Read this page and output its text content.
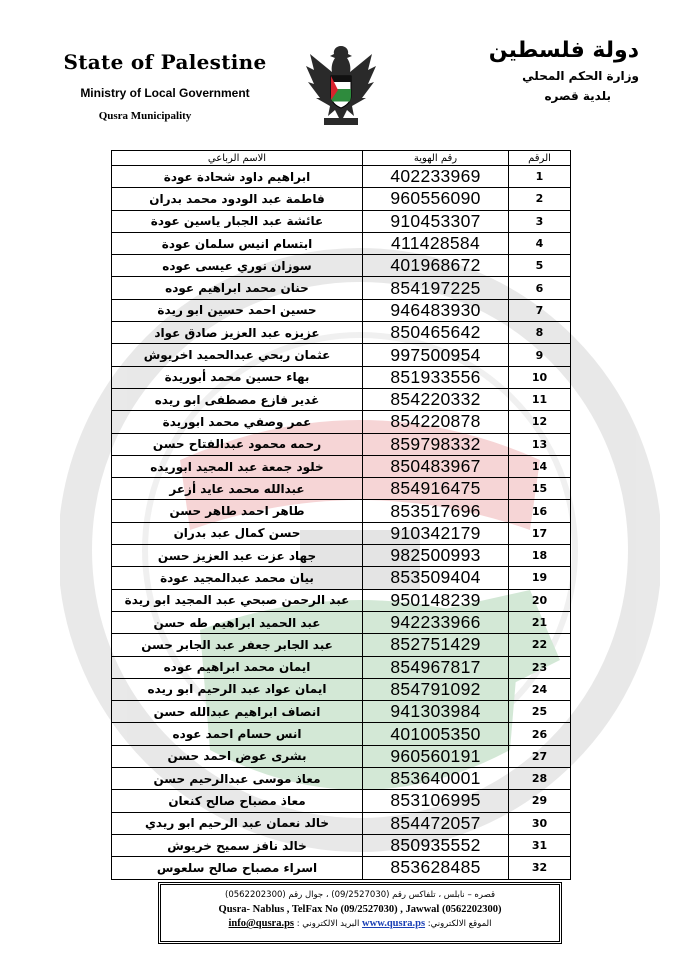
State of Palestine
Ministry of Local Government
Qusra Municipality
دولة فلسطين
وزارة الحكم المحلي
بلدية قصره
الرقم	رقم الهوية	الاسم الرباعي
1	402233969	ابراهيم داود شحادة عودة
2	960556090	فاطمة عبد الودود محمد بدران
3	910453307	عائشة عبد الجبار ياسين عودة
4	411428584	ابتسام انيس سلمان عودة
5	401968672	سوزان نوري عيسى عوده
6	854197225	حنان محمد ابراهيم عوده
7	946483930	حسين احمد حسين ابو ريدة
8	850465642	عزيزه عبد العزيز صادق عواد
9	997500954	عثمان ربحي عبدالحميد اخريوش
10	851933556	بهاء حسين محمد أبوريدة
11	854220332	غدير فازع مصطفى ابو ريده
12	854220878	عمر وصفي محمد ابوريدة
13	859798332	رحمه محمود عبدالفتاح حسن
14	850483967	خلود جمعة عبد المجيد ابوريده
15	854916475	عبدالله محمد عايد أزعر
16	853517696	طاهر احمد طاهر حسن
17	910342179	حسن كمال عبد بدران
18	982500993	جهاد عزت عبد العزيز حسن
19	853509404	بيان محمد عبدالمجيد عودة
20	950148239	عبد الرحمن صبحي عبد المجيد ابو ريدة
21	942233966	عبد الحميد ابراهيم طه حسن
22	852751429	عبد الجابر جعفر عبد الجابر حسن
23	854967817	ايمان محمد ابراهيم عوده
24	854791092	ايمان عواد عبد الرحيم ابو ريده
25	941303984	انصاف ابراهيم عبدالله حسن
26	401005350	انس حسام احمد عوده
27	960560191	بشرى عوض احمد حسن
28	853640001	معاذ موسى عبدالرحيم حسن
29	853106995	معاذ مصباح صالح كنعان
30	854472057	خالد نعمان عبد الرحيم ابو ريدي
31	850935552	خالد نافز سميح خريوش
32	853628485	اسراء مصباح صالح سلعوس
قصره – نابلس ، تلفاكس رقم (09/2527030) ، جوال رقم (0562202300)
Qusra- Nablus , TelFax No (09/2527030) , Jawwal (0562202300)
الموقع الالكتروني: www.qusra.ps البريد الالكتروني : info@qusra.ps
